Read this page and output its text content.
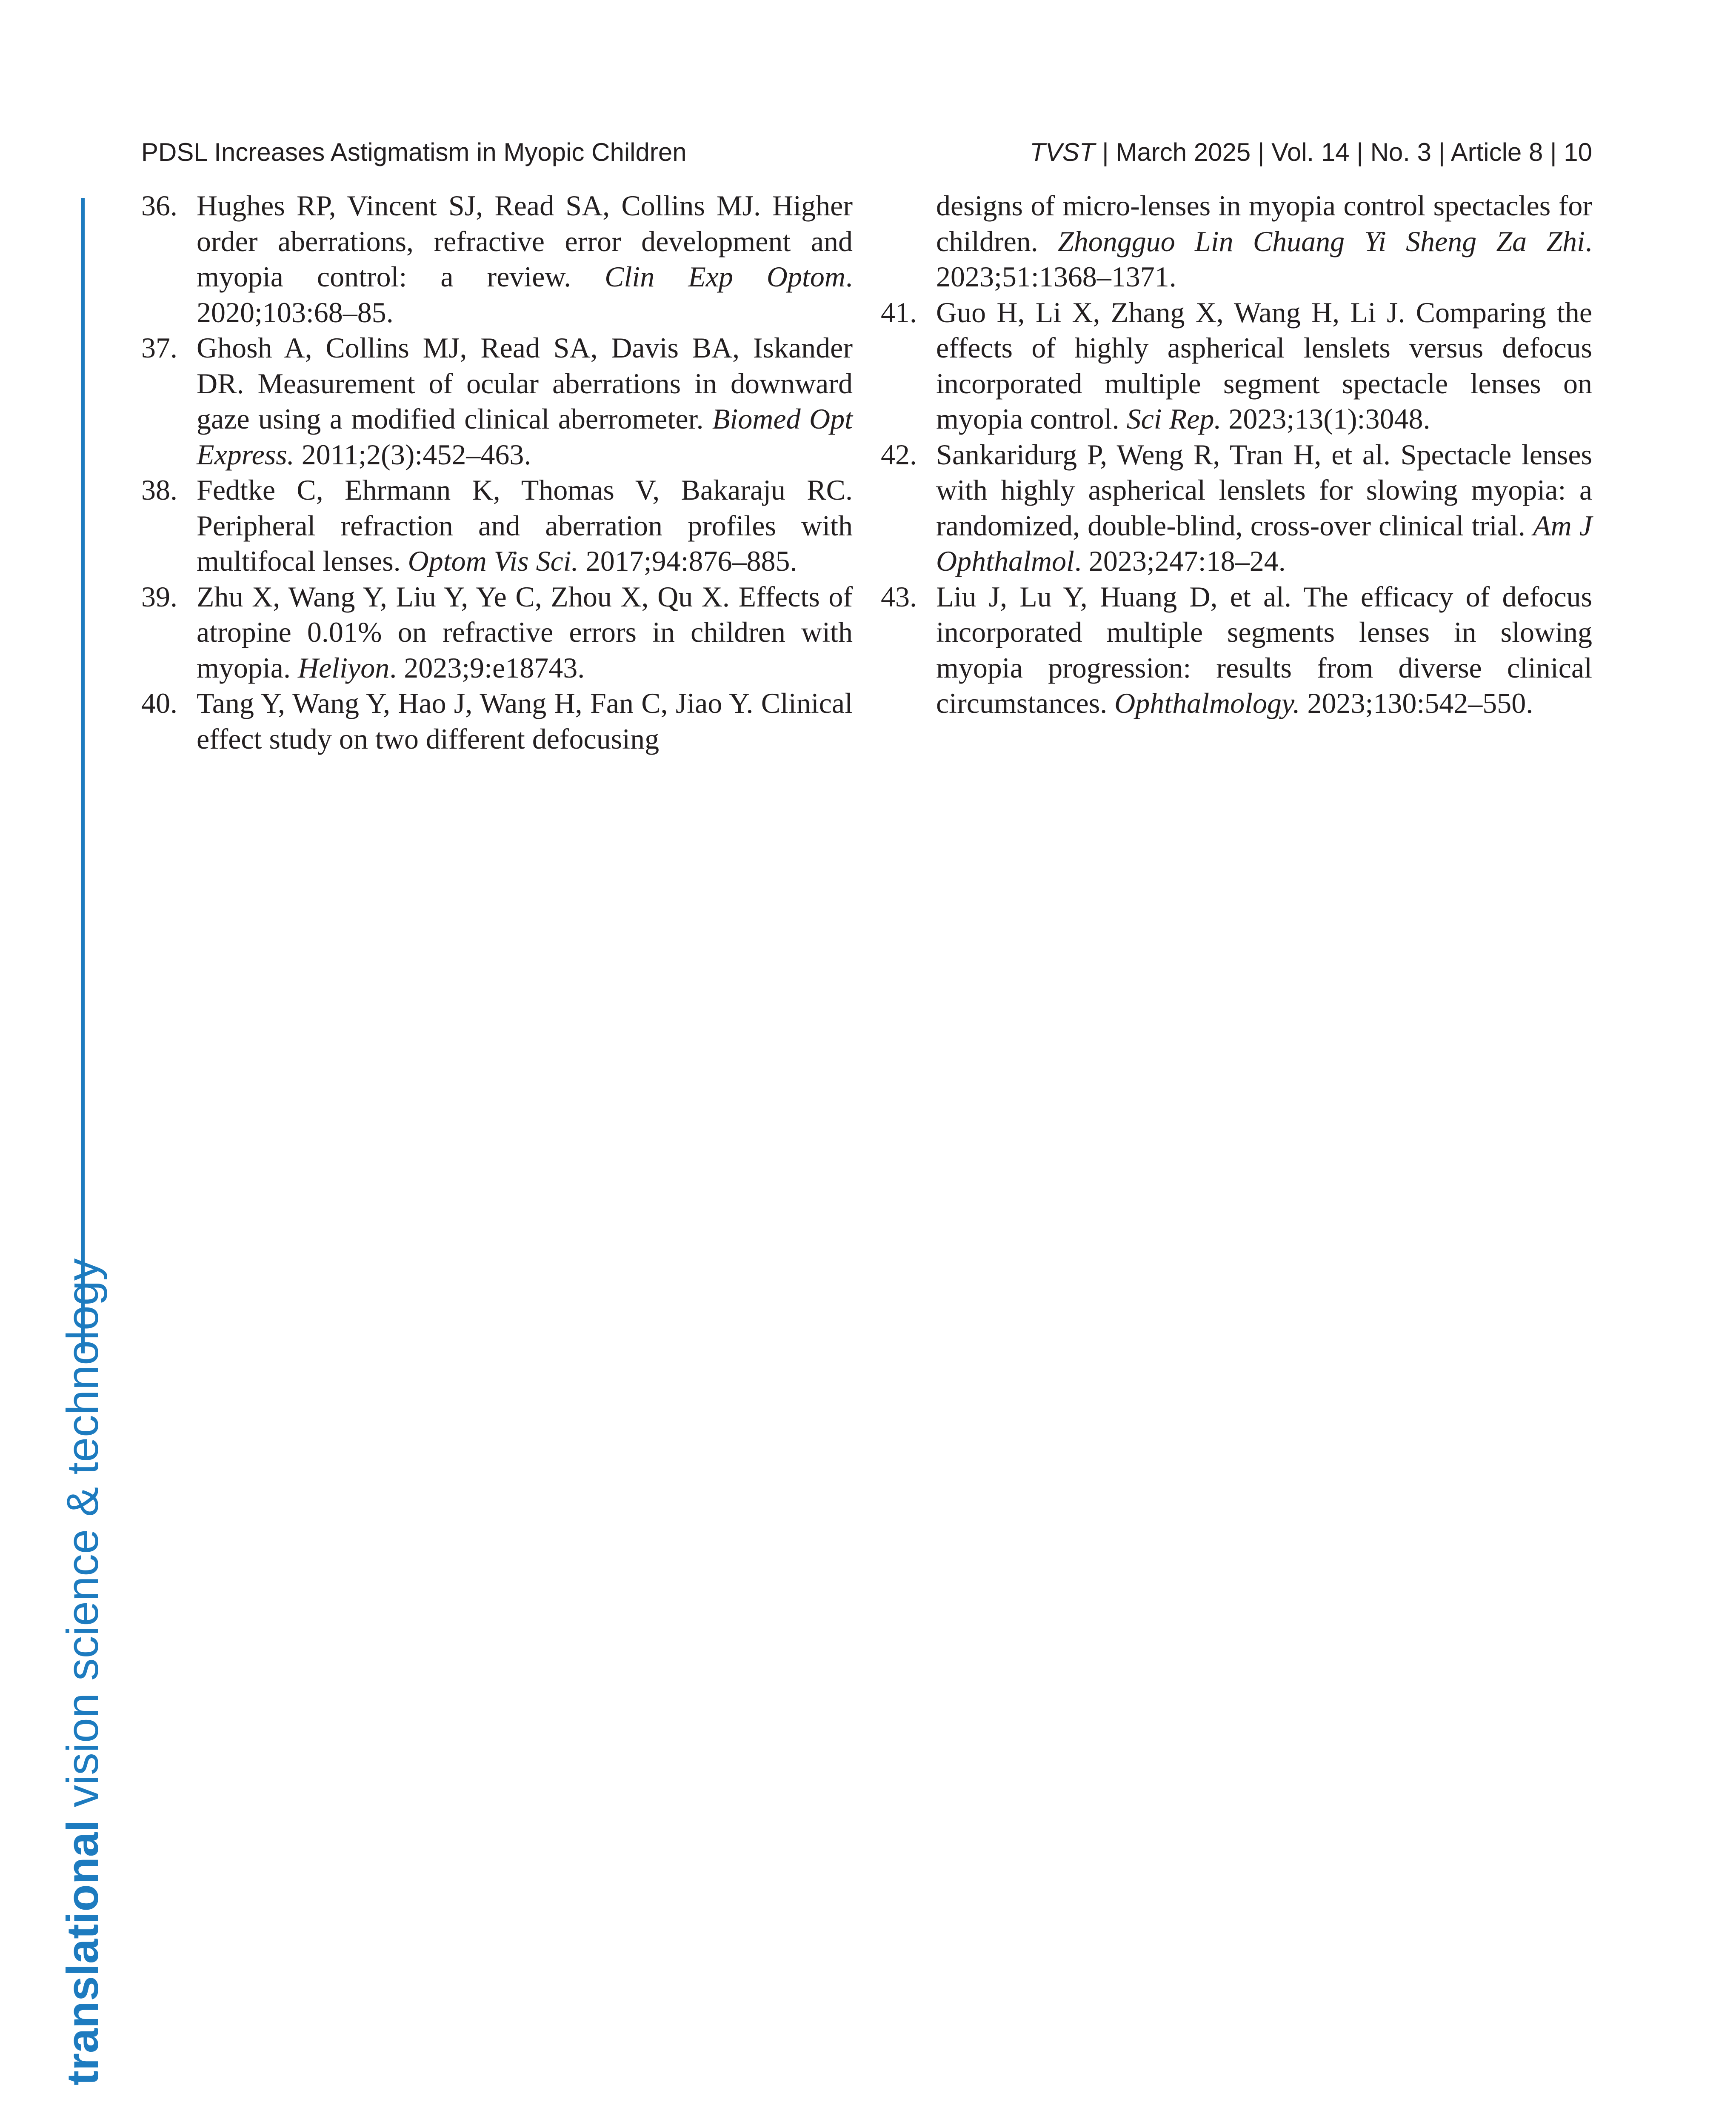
PDSL Increases Astigmatism in Myopic Children	TVST | March 2025 | Vol. 14 | No. 3 | Article 8 | 10
translational vision science & technology

36. Hughes RP, Vincent SJ, Read SA, Collins MJ. Higher order aberrations, refractive error development and myopia control: a review. Clin Exp Optom. 2020;103:68–85.

37. Ghosh A, Collins MJ, Read SA, Davis BA, Iskander DR. Measurement of ocular aberrations in downward gaze using a modified clinical aberrometer. Biomed Opt Express. 2011;2(3):452–463.

38. Fedtke C, Ehrmann K, Thomas V, Bakaraju RC. Peripheral refraction and aberration profiles with multifocal lenses. Optom Vis Sci. 2017;94:876–885.

39. Zhu X, Wang Y, Liu Y, Ye C, Zhou X, Qu X. Effects of atropine 0.01% on refractive errors in children with myopia. Heliyon. 2023;9:e18743.

40. Tang Y, Wang Y, Hao J, Wang H, Fan C, Jiao Y. Clinical effect study on two different defocusing

designs of micro-lenses in myopia control spectacles for children. Zhongguo Lin Chuang Yi Sheng Za Zhi. 2023;51:1368–1371.

41. Guo H, Li X, Zhang X, Wang H, Li J. Comparing the effects of highly aspherical lenslets versus defocus incorporated multiple segment spectacle lenses on myopia control. Sci Rep. 2023;13(1):3048.

42. Sankaridurg P, Weng R, Tran H, et al. Spectacle lenses with highly aspherical lenslets for slowing myopia: a randomized, double-blind, cross-over clinical trial. Am J Ophthalmol. 2023;247:18–24.

43. Liu J, Lu Y, Huang D, et al. The efficacy of defocus incorporated multiple segments lenses in slowing myopia progression: results from diverse clinical circumstances. Ophthalmology. 2023;130:542–550.
